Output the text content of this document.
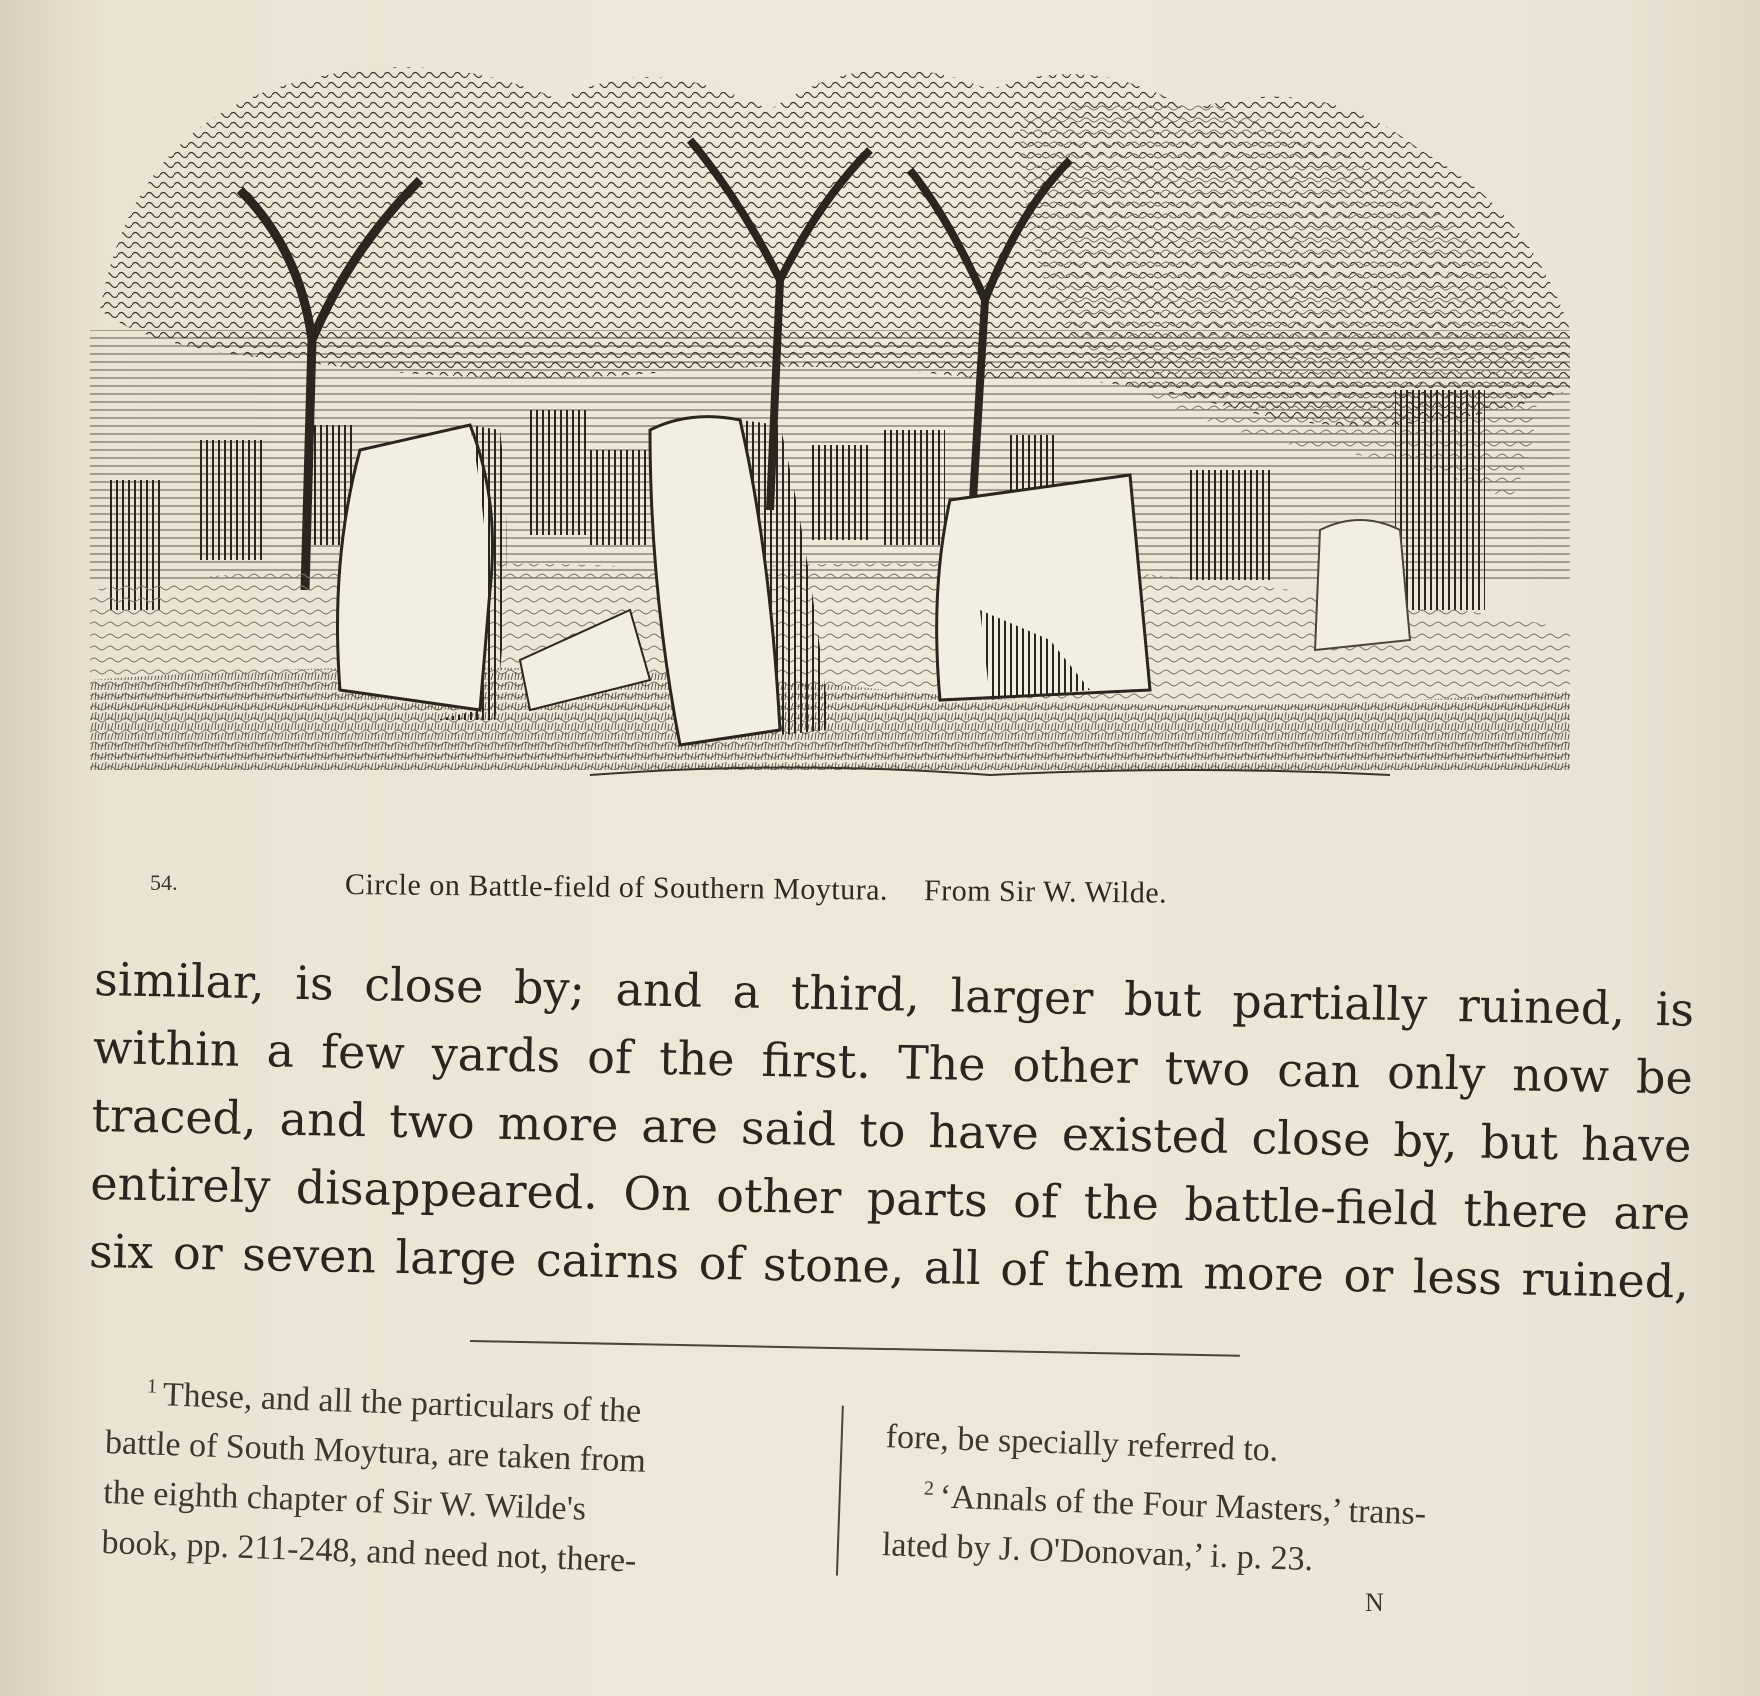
54.	Circle on Battle-field of Southern Moytura. From Sir W. Wilde.
similar, is close by; and a third, larger but partially ruined, is
within a few yards of the first. The other two can only now be
traced, and two more are said to have existed close by, but have
entirely disappeared. On other parts of the battle-field there are
six or seven large cairns of stone, all of them more or less ruined,
$^1$ These, and all the particulars of the
battle of South Moytura, are taken from
the eighth chapter of Sir W. Wilde's
book, pp. 211-248, and need not, there-
fore, be specially referred to.
$^2$ ‘Annals of the Four Masters,’ trans-
lated by J. O'Donovan,’ i. p. 23.
N
